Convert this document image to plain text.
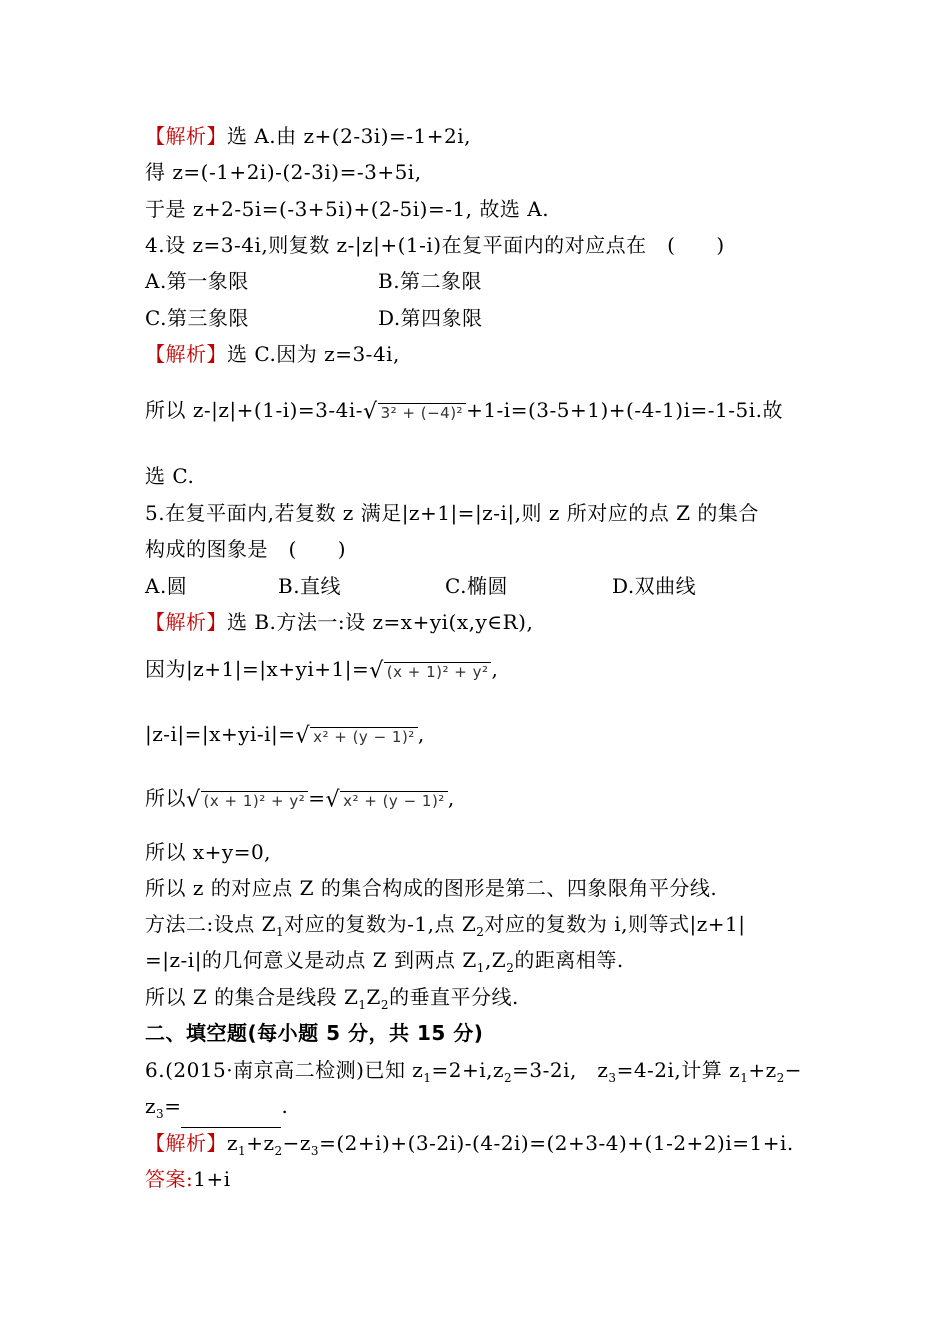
【解析】选 A.由 z+(2-3i)=-1+2i,
得 z=(-1+2i)-(2-3i)=-3+5i,
于是 z+2-5i=(-3+5i)+(2-5i)=-1, 故选 A.
4.设 z=3-4i,则复数 z-|z|+(1-i)在复平面内的对应点在　(　　)
A.第一象限	B.第二象限
C.第三象限	D.第四象限
【解析】选 C.因为 z=3-4i,
所以 z-|z|+(1-i)=3-4i-√ 3² + (−4)² +1-i=(3-5+1)+(-4-1)i=-1-5i.故
选 C.
5.在复平面内,若复数 z 满足|z+1|=|z-i|,则 z 所对应的点 Z 的集合
构成的图象是　(　　)
A.圆	B.直线	C.椭圆	D.双曲线
【解析】选 B.方法一:设 z=x+yi(x,y∈R),
因为|z+1|=|x+yi+1|=√ (x + 1)² + y² ,
|z-i|=|x+yi-i|=√ x² + (y − 1)² ,
所以√ (x + 1)² + y² =√ x² + (y − 1)² ,
所以 x+y=0,
所以 z 的对应点 Z 的集合构成的图形是第二、四象限角平分线.
方法二:设点 $Z_1$对应的复数为-1,点 $Z_2$对应的复数为 i,则等式|z+1|
=|z-i|的几何意义是动点 Z 到两点 $Z_1,Z_2$的距离相等.
所以 Z 的集合是线段 $Z_1Z_2$的垂直平分线.
二、填空题(每小题 5 分，共 15 分)
6.(2015·南京高二检测)已知 $z_1=2+i,z_2=3-2i$,　$z_3=4-2i$,计算 $z_1+z_2-$
$z_3=$	.
【解析】$z_1+z_2-z_3=(2+i)+(3-2i)-(4-2i)=(2+3-4)+(1-2+2)i=1+i$.
答案:1+i
